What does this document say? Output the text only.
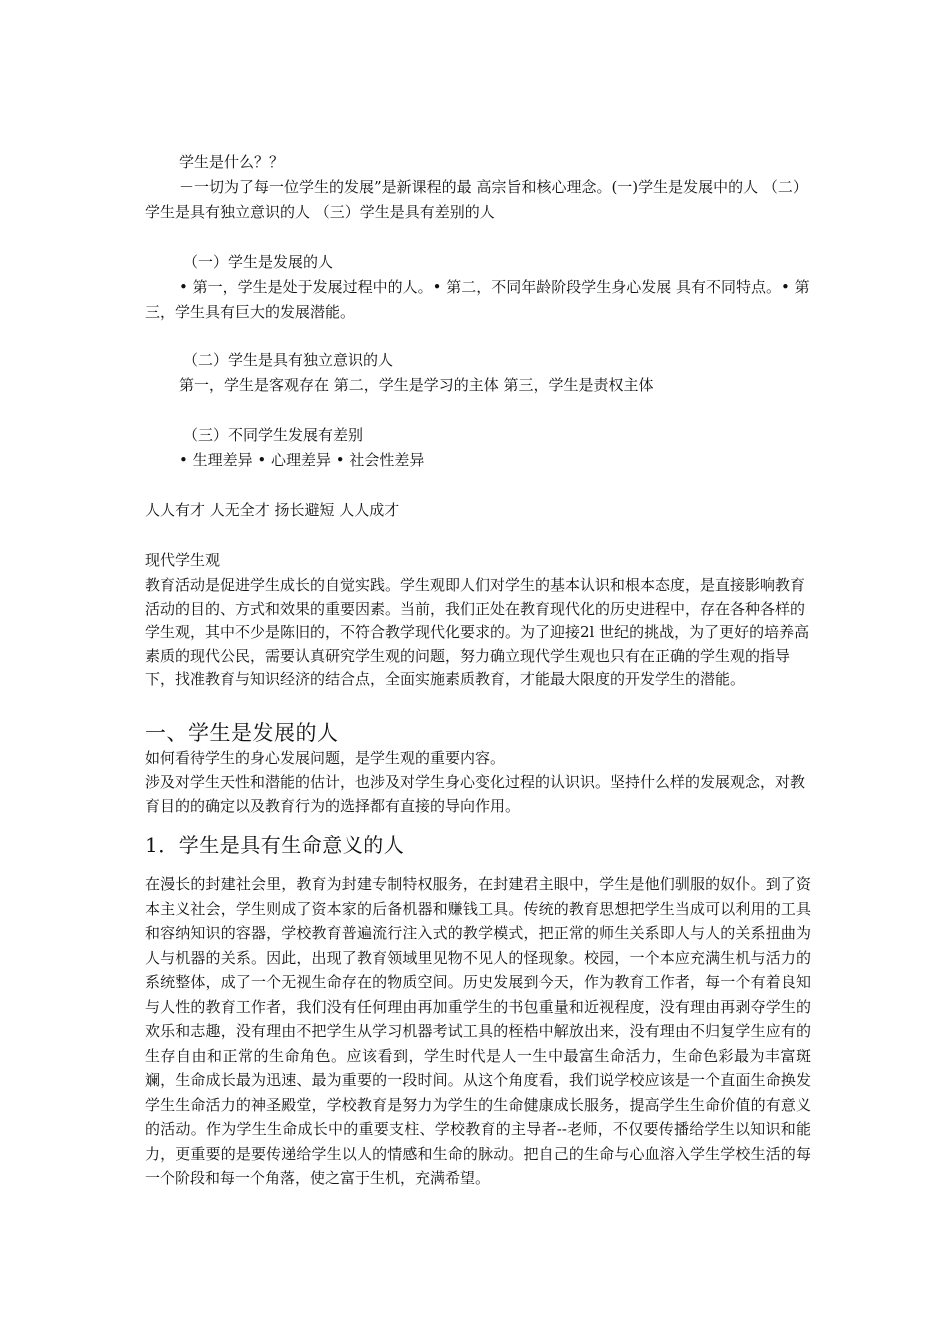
学生是什么？？

－一切为了每一位学生的发展”是新课程的最 高宗旨和核心理念。(一)学生是发展中的人 （二）学生是具有独立意识的人 （三）学生是具有差别的人

（一）学生是发展的人

• 第一，学生是处于发展过程中的人。• 第二，不同年龄阶段学生身心发展 具有不同特点。• 第三，学生具有巨大的发展潜能。

（二）学生是具有独立意识的人

第一，学生是客观存在 第二，学生是学习的主体 第三，学生是责权主体

（三）不同学生发展有差别

• 生理差异 • 心理差异 • 社会性差异

人人有才 人无全才 扬长避短 人人成才

现代学生观

教育活动是促进学生成长的自觉实践。学生观即人们对学生的基本认识和根本态度，是直接影响教育活动的目的、方式和效果的重要因素。当前，我们正处在教育现代化的历史进程中，存在各种各样的学生观，其中不少是陈旧的，不符合教学现代化要求的。为了迎接2l 世纪的挑战，为了更好的培养高素质的现代公民，需要认真研究学生观的问题，努力确立现代学生观也只有在正确的学生观的指导下，找准教育与知识经济的结合点，全面实施素质教育，才能最大限度的开发学生的潜能。

一、学生是发展的人

如何看待学生的身心发展问题，是学生观的重要内容。

涉及对学生天性和潜能的估计，也涉及对学生身心变化过程的认识识。坚持什么样的发展观念，对教育目的的确定以及教育行为的选择都有直接的导向作用。

1．学生是具有生命意义的人

在漫长的封建社会里，教育为封建专制特权服务，在封建君主眼中，学生是他们驯服的奴仆。到了资本主义社会，学生则成了资本家的后备机器和赚钱工具。传统的教育思想把学生当成可以利用的工具和容纳知识的容器，学校教育普遍流行注入式的教学模式，把正常的师生关系即人与人的关系扭曲为人与机器的关系。因此，出现了教育领域里见物不见人的怪现象。校园，一个本应充满生机与活力的系统整体，成了一个无视生命存在的物质空间。历史发展到今天，作为教育工作者，每一个有着良知与人性的教育工作者，我们没有任何理由再加重学生的书包重量和近视程度，没有理由再剥夺学生的欢乐和志趣，没有理由不把学生从学习机器考试工具的桎梏中解放出来，没有理由不归复学生应有的生存自由和正常的生命角色。应该看到，学生时代是人一生中最富生命活力，生命色彩最为丰富斑斓，生命成长最为迅速、最为重要的一段时间。从这个角度看，我们说学校应该是一个直面生命换发学生生命活力的神圣殿堂，学校教育是努力为学生的生命健康成长服务，提高学生生命价值的有意义的活动。作为学生生命成长中的重要支柱、学校教育的主导者--老师，不仅要传播给学生以知识和能力，更重要的是要传递给学生以人的情感和生命的脉动。把自己的生命与心血溶入学生学校生活的每一个阶段和每一个角落，使之富于生机，充满希望。
